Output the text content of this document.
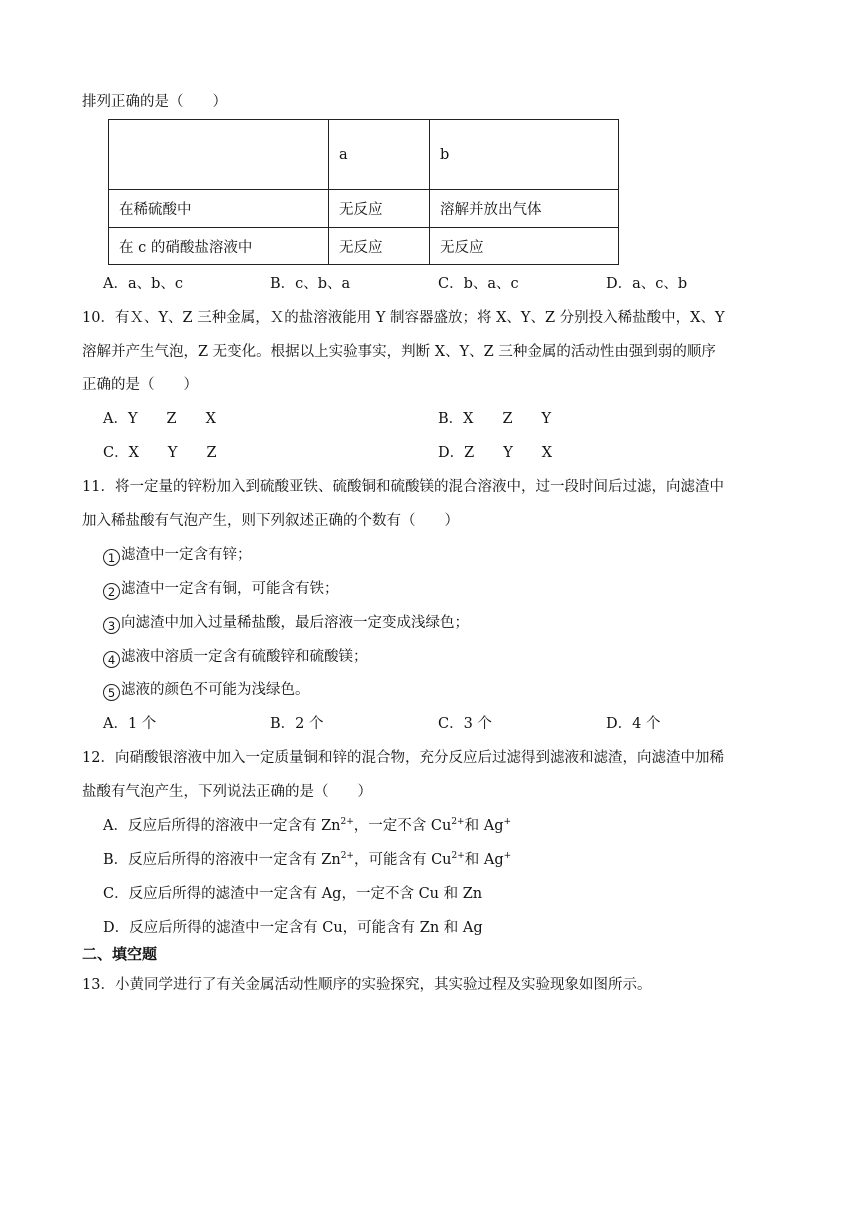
排列正确的是（　　）
	a	b
在稀硫酸中	无反应	溶解并放出气体
在 c 的硝酸盐溶液中	无反应	无反应
A．a、b、c	B．c、b、a	C．b、a、c	D．a、c、b
10．有Ｘ、Y、Z 三种金属，Ｘ的盐溶液能用 Y 制容器盛放；将 X、Y、Z 分别投入稀盐酸中，X、Y
溶解并产生气泡，Z 无变化。根据以上实验事实，判断 X、Y、Z 三种金属的活动性由强到弱的顺序
正确的是（　　）
A．Y　　Z　　X	B．X　　Z　　Y
C．X　　Y　　Z	D．Z　　Y　　X
11．将一定量的锌粉加入到硫酸亚铁、硫酸铜和硫酸镁的混合溶液中，过一段时间后过滤，向滤渣中
加入稀盐酸有气泡产生，则下列叙述正确的个数有（　　）
1 滤渣中一定含有锌；
2 滤渣中一定含有铜，可能含有铁；
3 向滤渣中加入过量稀盐酸，最后溶液一定变成浅绿色；
4 滤液中溶质一定含有硫酸锌和硫酸镁；
5 滤液的颜色不可能为浅绿色。
A．1 个	B．2 个	C．3 个	D．4 个
12．向硝酸银溶液中加入一定质量铜和锌的混合物，充分反应后过滤得到滤液和滤渣，向滤渣中加稀
盐酸有气泡产生，下列说法正确的是（　　）
A．反应后所得的溶液中一定含有 $Zn^{2+}$，一定不含 $Cu^{2+}$和 Ag+
B．反应后所得的溶液中一定含有 $Zn^{2+}$，可能含有 $Cu^{2+}$和 Ag+
C．反应后所得的滤渣中一定含有 Ag，一定不含 Cu 和 Zn
D．反应后所得的滤渣中一定含有 Cu，可能含有 Zn 和 Ag
二、填空题
13．小黄同学进行了有关金属活动性顺序的实验探究，其实验过程及实验现象如图所示。
